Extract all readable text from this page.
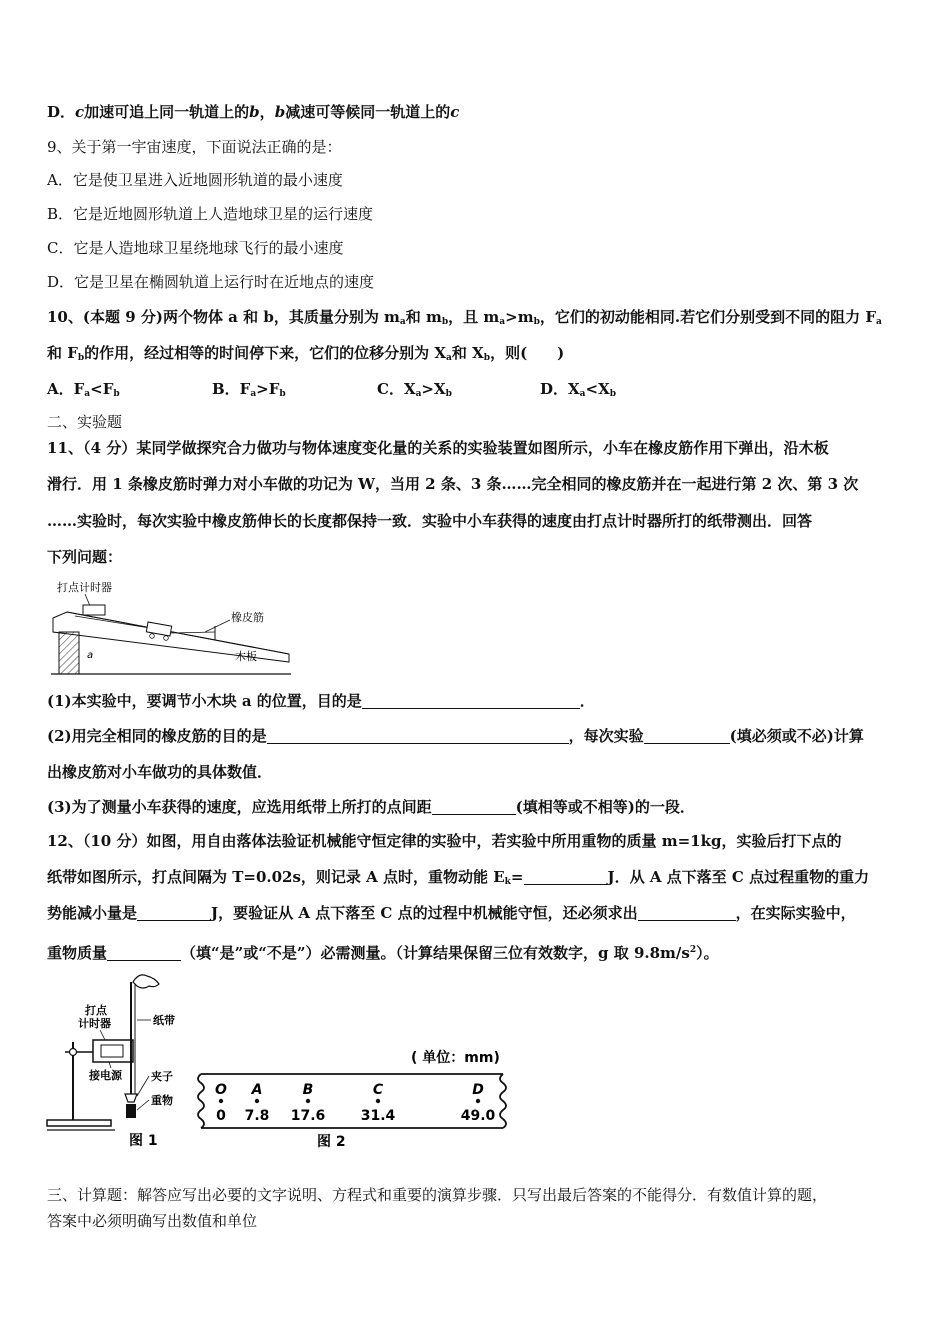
D．c加速可追上同一轨道上的b，b减速可等候同一轨道上的c
9、关于第一宇宙速度，下面说法正确的是：
A．它是使卫星进入近地圆形轨道的最小速度
B．它是近地圆形轨道上人造地球卫星的运行速度
C．它是人造地球卫星绕地球飞行的最小速度
D．它是卫星在椭圆轨道上运行时在近地点的速度
10、(本题 9 分)两个物体 a 和 b，其质量分别为 $m_a$和 $m_b$，且 $m_a>m_b$，它们的初动能相同.若它们分别受到不同的阻力 $F_a$
和 $F_b$的作用，经过相等的时间停下来，它们的位移分别为 $X_a$和 $X_b$，则(　　)
A．$F_a<F_b$	B．$F_a>F_b$	C．$X_a>X_b$	D．$X_a<X_b$
二、实验题
11、（4 分）某同学做探究合力做功与物体速度变化量的关系的实验装置如图所示，小车在橡皮筋作用下弹出，沿木板
滑行．用 1 条橡皮筋时弹力对小车做的功记为 W，当用 2 条、3 条……完全相同的橡皮筋并在一起进行第 2 次、第 3 次
……实验时，每次实验中橡皮筋伸长的长度都保持一致．实验中小车获得的速度由打点计时器所打的纸带测出．回答
下列问题：
打点计时器
a
橡皮筋
木板
(1)本实验中，要调节小木块 a 的位置，目的是	．
(2)用完全相同的橡皮筋的目的是	，每次实验	(填必须或不必)计算
出橡皮筋对小车做功的具体数值．
(3)为了测量小车获得的速度，应选用纸带上所打的点间距	(填相等或不相等)的一段．
12、（10 分）如图，用自由落体法验证机械能守恒定律的实验中，若实验中所用重物的质量 m=1kg，实验后打下点的
纸带如图所示，打点间隔为 T=0.02s，则记录 A 点时，重物动能 $E_k=$	J．从 A 点下落至 C 点过程重物的重力
势能减小量是	J，要验证从 A 点下落至 C 点的过程中机械能守恒，还必须求出	，在实际实验中，
重物质量	（填“是”或“不是”）必需测量。（计算结果保留三位有效数字，g 取 $9.8m/s^2$）。
打点
计时器	纸带
接电源	夹子
重物
图 1
( 单位：mm)
O
0
A
7.8
B
17.6
C
31.4
D
49.0
图 2
三、计算题：解答应写出必要的文字说明、方程式和重要的演算步骤．只写出最后答案的不能得分．有数值计算的题，
答案中必须明确写出数值和单位
